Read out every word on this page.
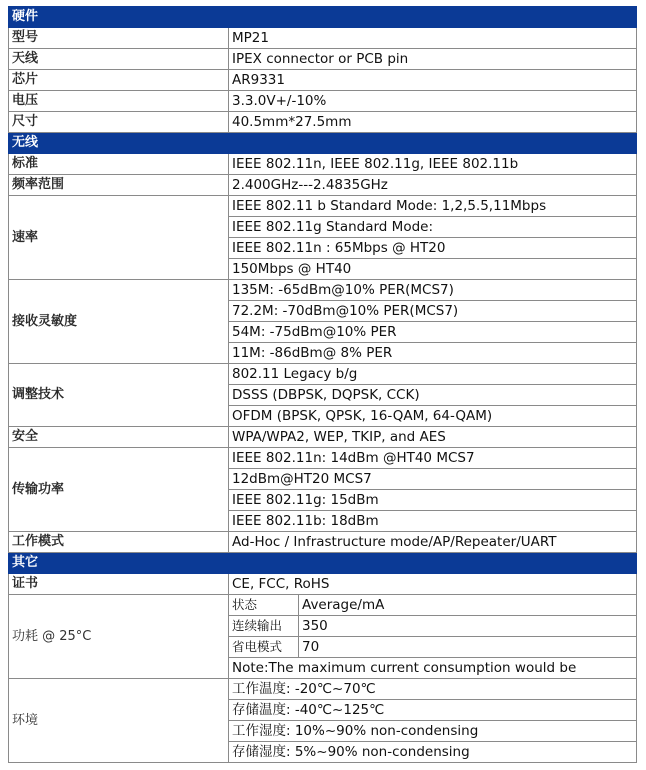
硬件		
型号	MP21	
天线	IPEX connector or PCB pin	
芯片	AR9331	
电压	3.3.0V+/-10%	
尺寸	40.5mm*27.5mm	
无线		
标准	IEEE 802.11n, IEEE 802.11g, IEEE 802.11b	
频率范围	2.400GHz---2.4835GHz	
速率	IEEE 802.11 b Standard Mode: 1,2,5.5,11Mbps	
	IEEE 802.11g Standard Mode:	
	IEEE 802.11n : 65Mbps @ HT20	
	150Mbps @ HT40	
接收灵敏度	135M: -65dBm@10% PER(MCS7)	
	72.2M: -70dBm@10% PER(MCS7)	
	54M: -75dBm@10% PER	
	11M: -86dBm@ 8% PER	
调整技术	802.11 Legacy b/g	
	DSSS (DBPSK, DQPSK, CCK)	
	OFDM (BPSK, QPSK, 16-QAM, 64-QAM)	
安全	WPA/WPA2, WEP, TKIP, and AES	
传输功率	IEEE 802.11n: 14dBm @HT40 MCS7	
	12dBm@HT20 MCS7	
	IEEE 802.11g: 15dBm	
	IEEE 802.11b: 18dBm	
工作模式	Ad-Hoc / Infrastructure mode/AP/Repeater/UART	
其它		
证书	CE, FCC, RoHS	
功耗 @ 25°C	状态	Average/mA
	连续输出	350
	省电模式	70
	Note:The maximum current consumption would be	
环境	工作温度: -20℃~70℃	
	存储温度: -40℃~125℃	
	工作湿度: 10%~90% non-condensing	
	存储湿度: 5%~90% non-condensing	
